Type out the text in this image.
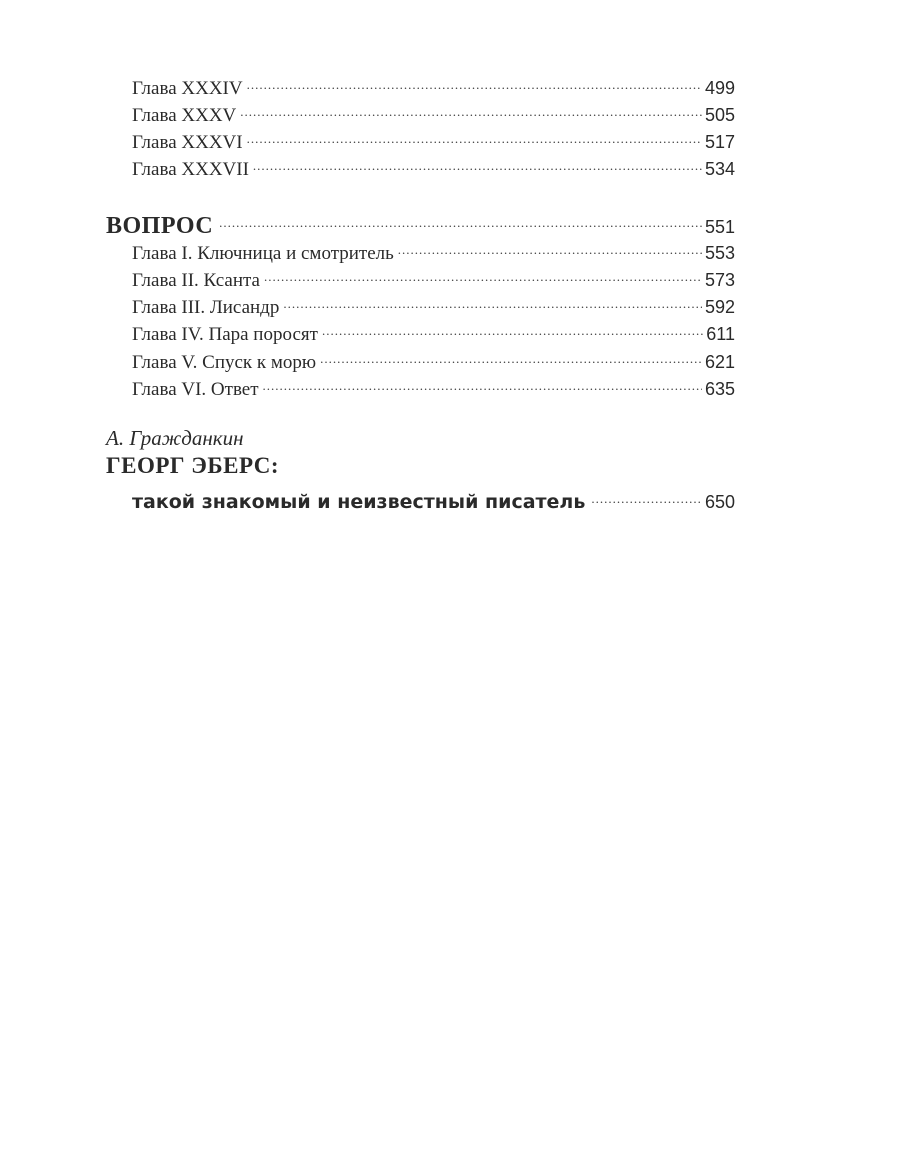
Глава XXXIV .....	499
Глава XXXV .....	505
Глава XXXVI .....	517
Глава XXXVII .....	534
ВОПРОС .....	551
Глава I. Ключница и смотритель .....	553
Глава II. Ксанта .....	573
Глава III. Лисандр .....	592
Глава IV. Пара поросят .....	611
Глава V. Спуск к морю .....	621
Глава VI. Ответ .....	635
А. Гражданкин
ГЕОРГ ЭБЕРС:
такой знакомый и неизвестный писатель .....	650
